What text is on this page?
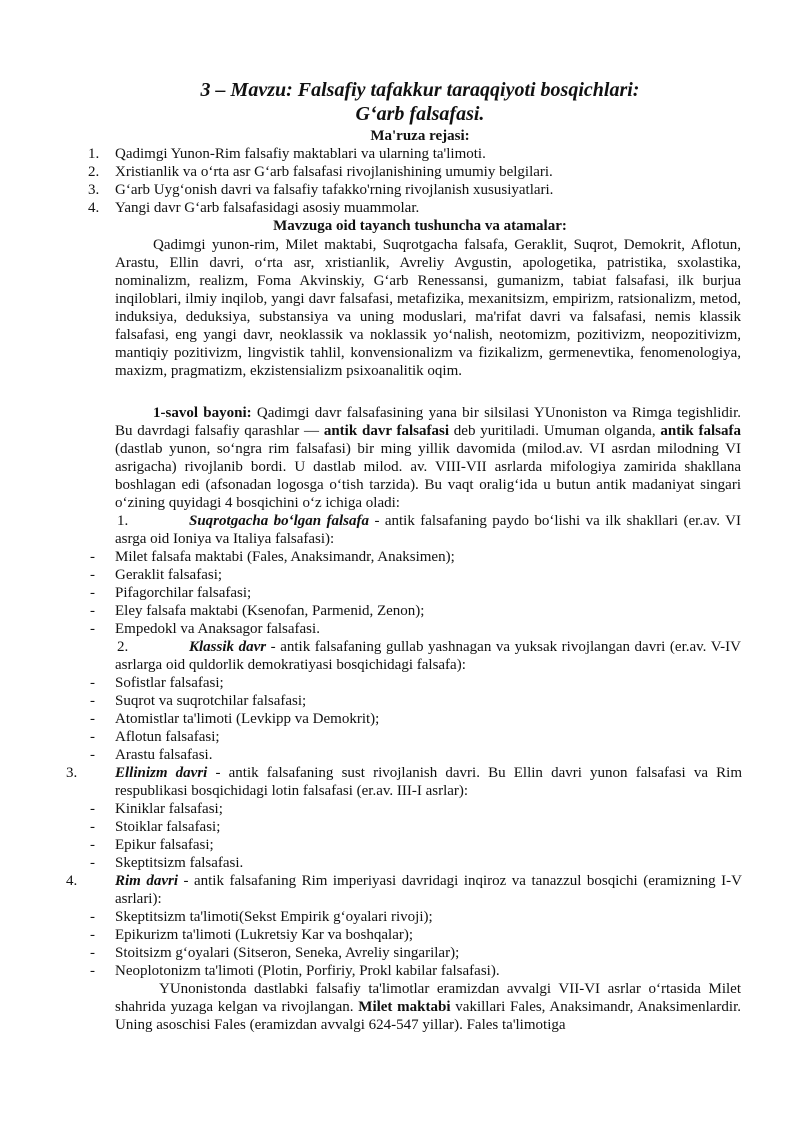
3 – Mavzu: Falsafiy tafakkur taraqqiyoti bosqichlari:
G‘arb falsafasi.
Ma'ruza rejasi:
1.	Qadimgi Yunon-Rim falsafiy maktablari va ularning ta'limoti.
2.	Xristianlik va o‘rta asr G‘arb falsafasi rivojlanishining umumiy belgilari.
3.	G‘arb Uyg‘onish davri va falsafiy tafakko'rning rivojlanish xususiyatlari.
4.	Yangi davr G‘arb falsafasidagi asosiy muammolar.
Mavzuga oid tayanch tushuncha va atamalar:
Qadimgi yunon-rim, Milet maktabi, Suqrotgacha falsafa, Geraklit, Suqrot, Demokrit, Aflotun, Arastu, Ellin davri, o‘rta asr, xristianlik, Avreliy Avgustin, apologetika, patristika, sxolastika, nominalizm, realizm, Foma Akvinskiy, G‘arb Renessansi, gumanizm, tabiat falsafasi, ilk burjua inqiloblari, ilmiy inqilob, yangi davr falsafasi, metafizika, mexanitsizm, empirizm, ratsionalizm, metod, induksiya, deduksiya, substansiya va uning moduslari, ma'rifat davri va falsafasi, nemis klassik falsafasi, eng yangi davr, neoklassik va noklassik yo‘nalish, neotomizm, pozitivizm, neopozitivizm, mantiqiy pozitivizm, lingvistik tahlil, konvensionalizm va fizikalizm, germenevtika, fenomenologiya, maxizm, pragmatizm, ekzistensializm psixoanalitik oqim.
1-savol bayoni: Qadimgi davr falsafasining yana bir silsilasi YUnoniston va Rimga tegishlidir. Bu davrdagi falsafiy qarashlar — antik davr falsafasi deb yuritiladi. Umuman olganda, antik falsafa (dastlab yunon, so‘ngra rim falsafasi) bir ming yillik davomida (milod.av. VI asrdan milodning VI asrigacha) rivojlanib bordi. U dastlab milod. av. VIII-VII asrlarda mifologiya zamirida shakllana boshlagan edi (afsonadan logosga o‘tish tarzida). Bu vaqt oralig‘ida u butun antik madaniyat singari o‘zining quyidagi 4 bosqichini o‘z ichiga oladi:
1.	Suqrotgacha bo‘lgan falsafa - antik falsafaning paydo bo‘lishi va ilk shakllari (er.av. VI asrga oid Ioniya va Italiya falsafasi):
- Milet falsafa maktabi (Fales, Anaksimandr, Anaksimen);
- Geraklit falsafasi;
- Pifagorchilar falsafasi;
- Eley falsafa maktabi (Ksenofan, Parmenid, Zenon);
- Empedokl va Anaksagor falsafasi.
2.	Klassik davr - antik falsafaning gullab yashnagan va yuksak rivojlangan davri (er.av. V-IV asrlarga oid quldorlik demokratiyasi bosqichidagi falsafa):
- Sofistlar falsafasi;
- Suqrot va suqrotchilar falsafasi;
- Atomistlar ta'limoti (Levkipp va Demokrit);
- Aflotun falsafasi;
- Arastu falsafasi.
3.	Ellinizm davri - antik falsafaning sust rivojlanish davri. Bu Ellin davri yunon falsafasi va Rim respublikasi bosqichidagi lotin falsafasi (er.av. III-I asrlar):
- Kiniklar falsafasi;
- Stoiklar falsafasi;
- Epikur falsafasi;
- Skeptitsizm falsafasi.
4.	Rim davri - antik falsafaning Rim imperiyasi davridagi inqiroz va tanazzul bosqichi (eramizning I-V asrlari):
- Skeptitsizm ta'limoti(Sekst Empirik g‘oyalari rivoji);
- Epikurizm ta'limoti (Lukretsiy Kar va boshqalar);
- Stoitsizm g‘oyalari (Sitseron, Seneka, Avreliy singarilar);
- Neoplotonizm ta'limoti (Plotin, Porfiriy, Prokl kabilar falsafasi).
YUnonistonda dastlabki falsafiy ta'limotlar eramizdan avvalgi VII-VI asrlar o‘rtasida Milet shahrida yuzaga kelgan va rivojlangan. Milet maktabi vakillari Fales, Anaksimandr, Anaksimenlardir. Uning asoschisi Fales (eramizdan avvalgi 624-547 yillar). Fales ta'limotiga
